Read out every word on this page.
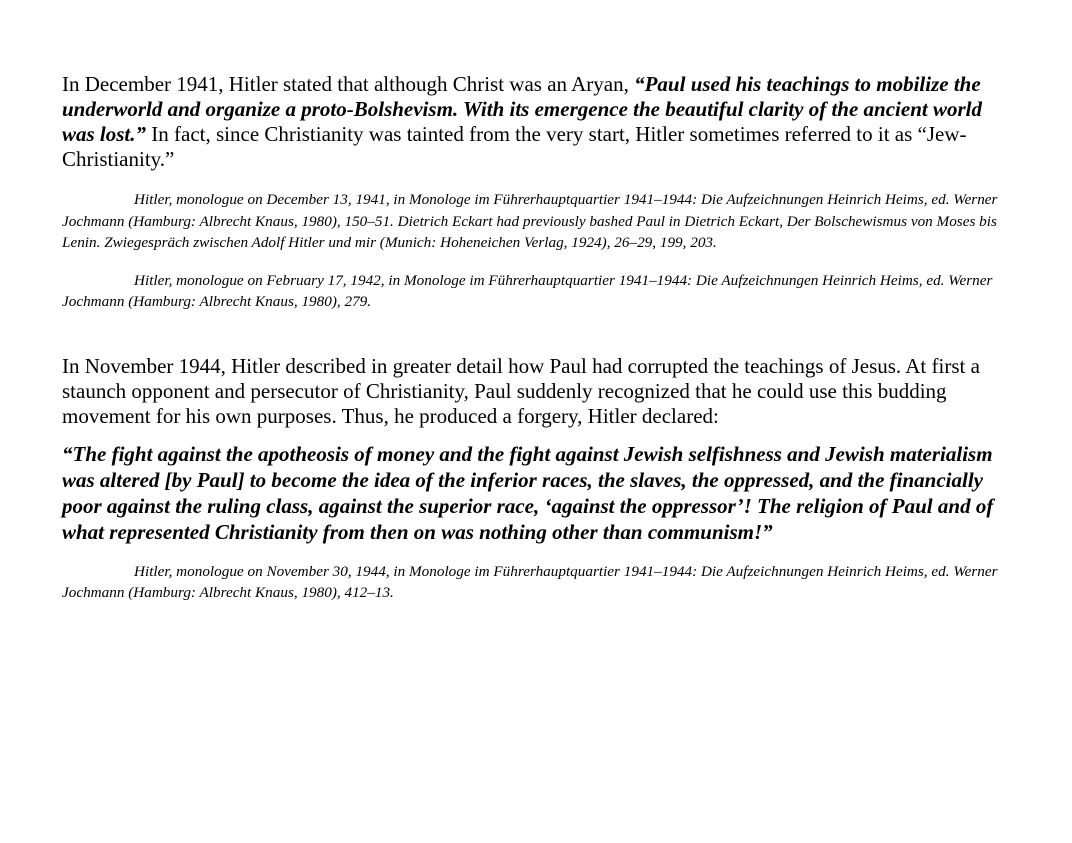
In December 1941, Hitler stated that although Christ was an Aryan, “Paul used his teachings to mobilize the underworld and organize a proto-Bolshevism. With its emergence the beautiful clarity of the ancient world was lost.” In fact, since Christianity was tainted from the very start, Hitler sometimes referred to it as “Jew-Christianity.”

Hitler, monologue on December 13, 1941, in Monologe im Führerhauptquartier 1941–1944: Die Aufzeichnungen Heinrich Heims, ed. Werner Jochmann (Hamburg: Albrecht Knaus, 1980), 150–51. Dietrich Eckart had previously bashed Paul in Dietrich Eckart, Der Bolschewismus von Moses bis Lenin. Zwiegespräch zwischen Adolf Hitler und mir (Munich: Hoheneichen Verlag, 1924), 26–29, 199, 203.

Hitler, monologue on February 17, 1942, in Monologe im Führerhauptquartier 1941–1944: Die Aufzeichnungen Heinrich Heims, ed. Werner Jochmann (Hamburg: Albrecht Knaus, 1980), 279.

In November 1944, Hitler described in greater detail how Paul had corrupted the teachings of Jesus. At first a staunch opponent and persecutor of Christianity, Paul suddenly recognized that he could use this budding movement for his own purposes. Thus, he produced a forgery, Hitler declared:

“The fight against the apotheosis of money and the fight against Jewish selfishness and Jewish materialism was altered [by Paul] to become the idea of the inferior races, the slaves, the oppressed, and the financially poor against the ruling class, against the superior race, ‘against the oppressor’! The religion of Paul and of what represented Christianity from then on was nothing other than communism!”

Hitler, monologue on November 30, 1944, in Monologe im Führerhauptquartier 1941–1944: Die Aufzeichnungen Heinrich Heims, ed. Werner Jochmann (Hamburg: Albrecht Knaus, 1980), 412–13.
